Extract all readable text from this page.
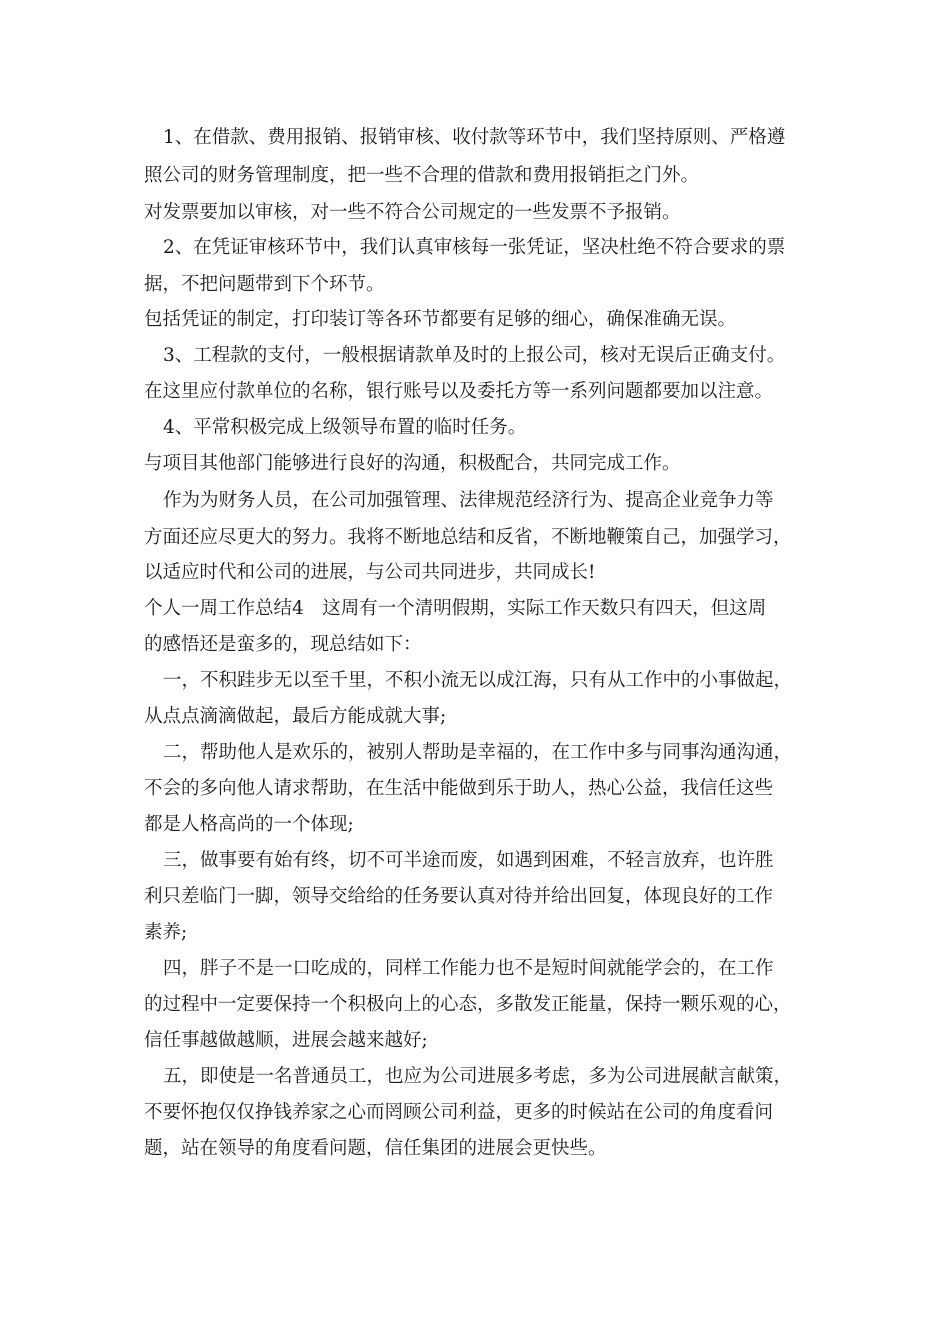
1、在借款、费用报销、报销审核、收付款等环节中，我们坚持原则、严格遵
照公司的财务管理制度，把一些不合理的借款和费用报销拒之门外。
对发票要加以审核，对一些不符合公司规定的一些发票不予报销。
2、在凭证审核环节中，我们认真审核每一张凭证，坚决杜绝不符合要求的票
据，不把问题带到下个环节。
包括凭证的制定，打印装订等各环节都要有足够的细心，确保准确无误。
3、工程款的支付，一般根据请款单及时的上报公司，核对无误后正确支付。
在这里应付款单位的名称，银行账号以及委托方等一系列问题都要加以注意。
4、平常积极完成上级领导布置的临时任务。
与项目其他部门能够进行良好的沟通，积极配合，共同完成工作。
作为为财务人员，在公司加强管理、法律规范经济行为、提高企业竞争力等
方面还应尽更大的努力。我将不断地总结和反省，不断地鞭策自己，加强学习，
以适应时代和公司的进展，与公司共同进步，共同成长!
个人一周工作总结4　这周有一个清明假期，实际工作天数只有四天，但这周
的感悟还是蛮多的，现总结如下：
一，不积跬步无以至千里，不积小流无以成江海，只有从工作中的小事做起，
从点点滴滴做起，最后方能成就大事;
二，帮助他人是欢乐的，被别人帮助是幸福的，在工作中多与同事沟通沟通，
不会的多向他人请求帮助，在生活中能做到乐于助人，热心公益，我信任这些
都是人格高尚的一个体现;
三，做事要有始有终，切不可半途而废，如遇到困难，不轻言放弃，也许胜
利只差临门一脚，领导交给给的任务要认真对待并给出回复，体现良好的工作
素养;
四，胖子不是一口吃成的，同样工作能力也不是短时间就能学会的，在工作
的过程中一定要保持一个积极向上的心态，多散发正能量，保持一颗乐观的心，
信任事越做越顺，进展会越来越好;
五，即使是一名普通员工，也应为公司进展多考虑，多为公司进展献言献策，
不要怀抱仅仅挣钱养家之心而罔顾公司利益，更多的时候站在公司的角度看问
题，站在领导的角度看问题，信任集团的进展会更快些。
